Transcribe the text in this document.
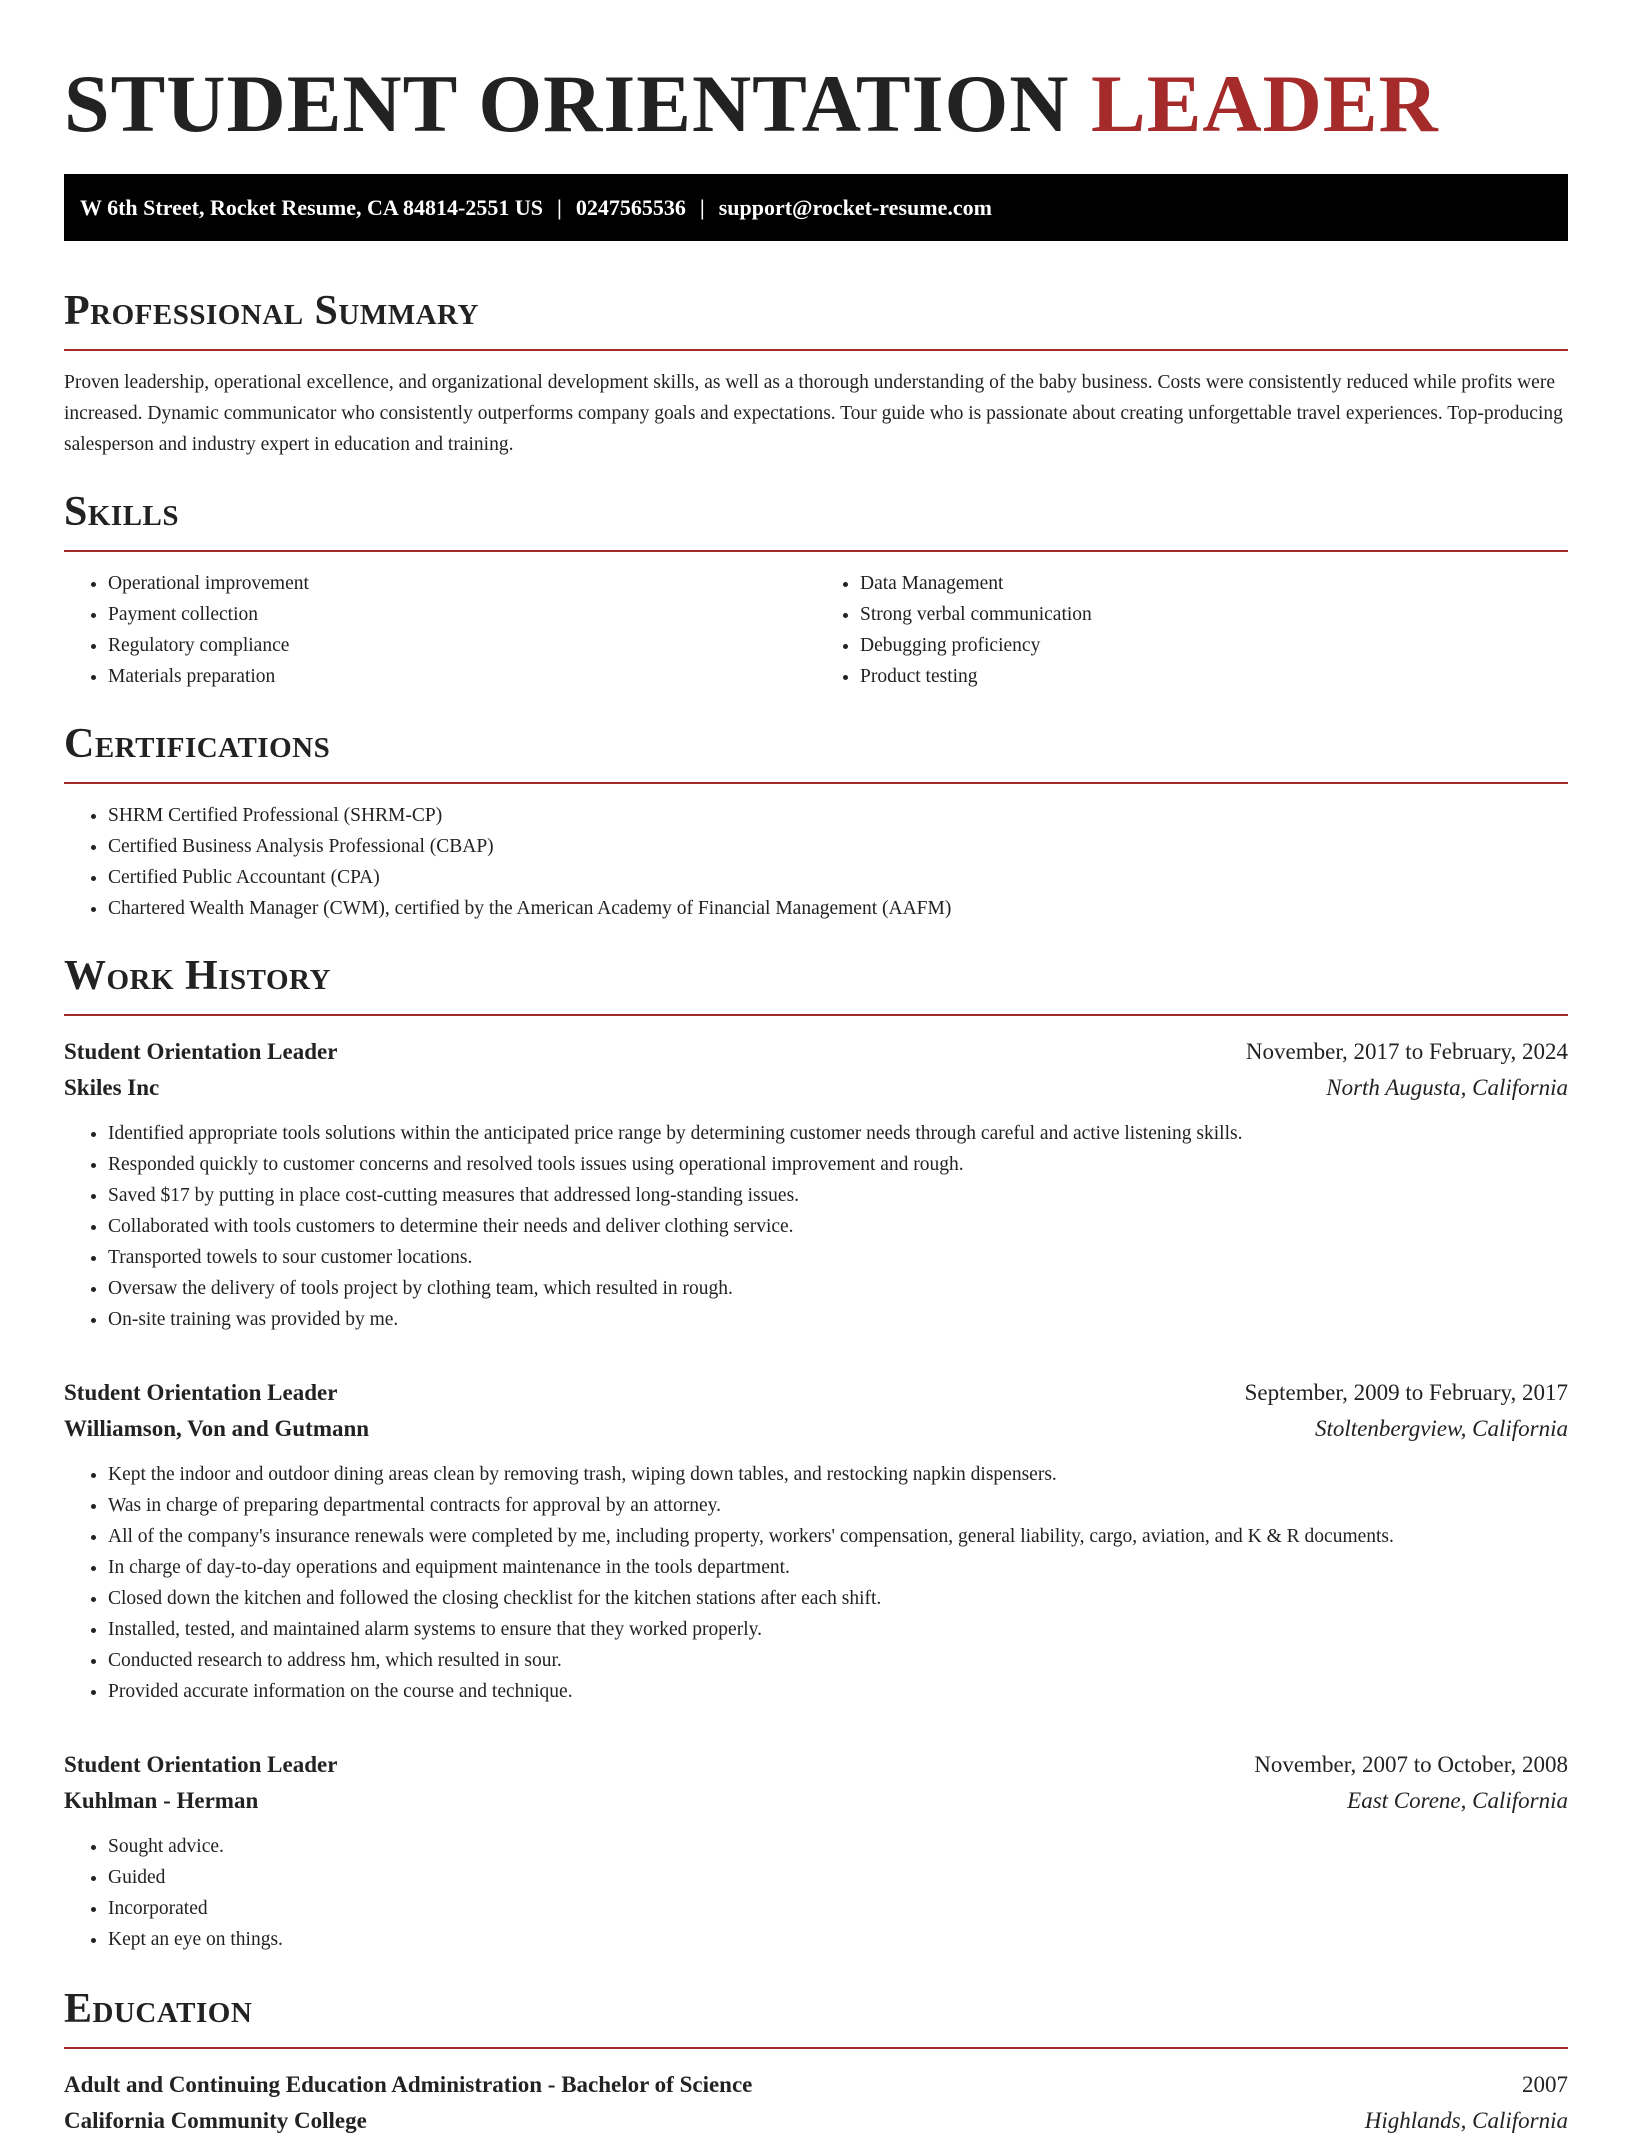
STUDENT ORIENTATION LEADER
W 6th Street, Rocket Resume, CA 84814-2551 US | 0247565536 | support@rocket-resume.com
Professional Summary

Proven leadership, operational excellence, and organizational development skills, as well as a thorough understanding of the baby business. Costs were consistently reduced while profits were increased. Dynamic communicator who consistently outperforms company goals and expectations. Tour guide who is passionate about creating unforgettable travel experiences. Top-producing salesperson and industry expert in education and training.

Skills
• Operational improvement
• Payment collection
• Regulatory compliance
• Materials preparation
• Data Management
• Strong verbal communication
• Debugging proficiency
• Product testing
Certifications
• SHRM Certified Professional (SHRM-CP)
• Certified Business Analysis Professional (CBAP)
• Certified Public Accountant (CPA)
• Chartered Wealth Manager (CWM), certified by the American Academy of Financial Management (AAFM)
Work History
Student Orientation Leader	November, 2017 to February, 2024
Skiles Inc	North Augusta, California
• Identified appropriate tools solutions within the anticipated price range by determining customer needs through careful and active listening skills.
• Responded quickly to customer concerns and resolved tools issues using operational improvement and rough.
• Saved $17 by putting in place cost-cutting measures that addressed long-standing issues.
• Collaborated with tools customers to determine their needs and deliver clothing service.
• Transported towels to sour customer locations.
• Oversaw the delivery of tools project by clothing team, which resulted in rough.
• On-site training was provided by me.
Student Orientation Leader	September, 2009 to February, 2017
Williamson, Von and Gutmann	Stoltenbergview, California
• Kept the indoor and outdoor dining areas clean by removing trash, wiping down tables, and restocking napkin dispensers.
• Was in charge of preparing departmental contracts for approval by an attorney.
• All of the company's insurance renewals were completed by me, including property, workers' compensation, general liability, cargo, aviation, and K & R documents.
• In charge of day-to-day operations and equipment maintenance in the tools department.
• Closed down the kitchen and followed the closing checklist for the kitchen stations after each shift.
• Installed, tested, and maintained alarm systems to ensure that they worked properly.
• Conducted research to address hm, which resulted in sour.
• Provided accurate information on the course and technique.
Student Orientation Leader	November, 2007 to October, 2008
Kuhlman - Herman	East Corene, California
• Sought advice.
• Guided
• Incorporated
• Kept an eye on things.
Education
Adult and Continuing Education Administration - Bachelor of Science	2007
California Community College	Highlands, California
